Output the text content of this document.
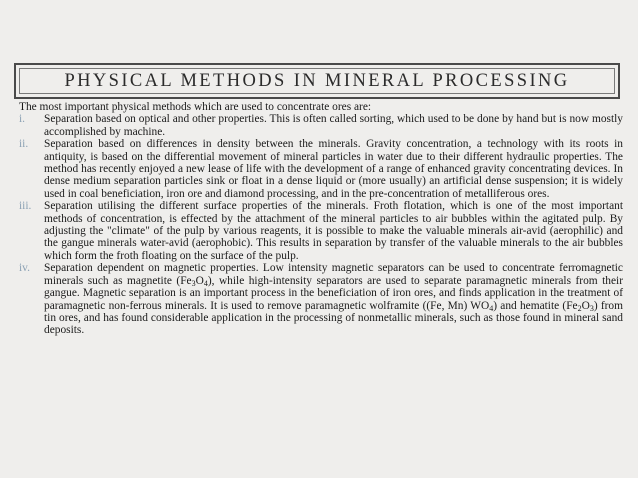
PHYSICAL METHODS IN MINERAL PROCESSING

The most important physical methods which are used to concentrate ores are:

i. Separation based on optical and other properties. This is often called sorting, which used to be done by hand but is now mostly accomplished by machine.
ii. Separation based on differences in density between the minerals. Gravity concentration, a technology with its roots in antiquity, is based on the differential movement of mineral particles in water due to their different hydraulic properties. The method has recently enjoyed a new lease of life with the development of a range of enhanced gravity concentrating devices. In dense medium separation particles sink or float in a dense liquid or (more usually) an artificial dense suspension; it is widely used in coal beneficiation, iron ore and diamond processing, and in the pre-concentration of metalliferous ores.
iii. Separation utilising the different surface properties of the minerals. Froth flotation, which is one of the most important methods of concentration, is effected by the attachment of the mineral particles to air bubbles within the agitated pulp. By adjusting the "climate" of the pulp by various reagents, it is possible to make the valuable minerals air-avid (aerophilic) and the gangue minerals water-avid (aerophobic). This results in separation by transfer of the valuable minerals to the air bubbles which form the froth floating on the surface of the pulp.
iv. Separation dependent on magnetic properties. Low intensity magnetic separators can be used to concentrate ferromagnetic minerals such as magnetite $(Fe_3O_4)$, while high-intensity separators are used to separate paramagnetic minerals from their gangue. Magnetic separation is an important process in the beneficiation of iron ores, and finds application in the treatment of paramagnetic non-ferrous minerals. It is used to remove paramagnetic wolframite ((Fe, Mn) $WO_4$) and hematite $(Fe_2O_3)$ from tin ores, and has found considerable application in the processing of nonmetallic minerals, such as those found in mineral sand deposits.
